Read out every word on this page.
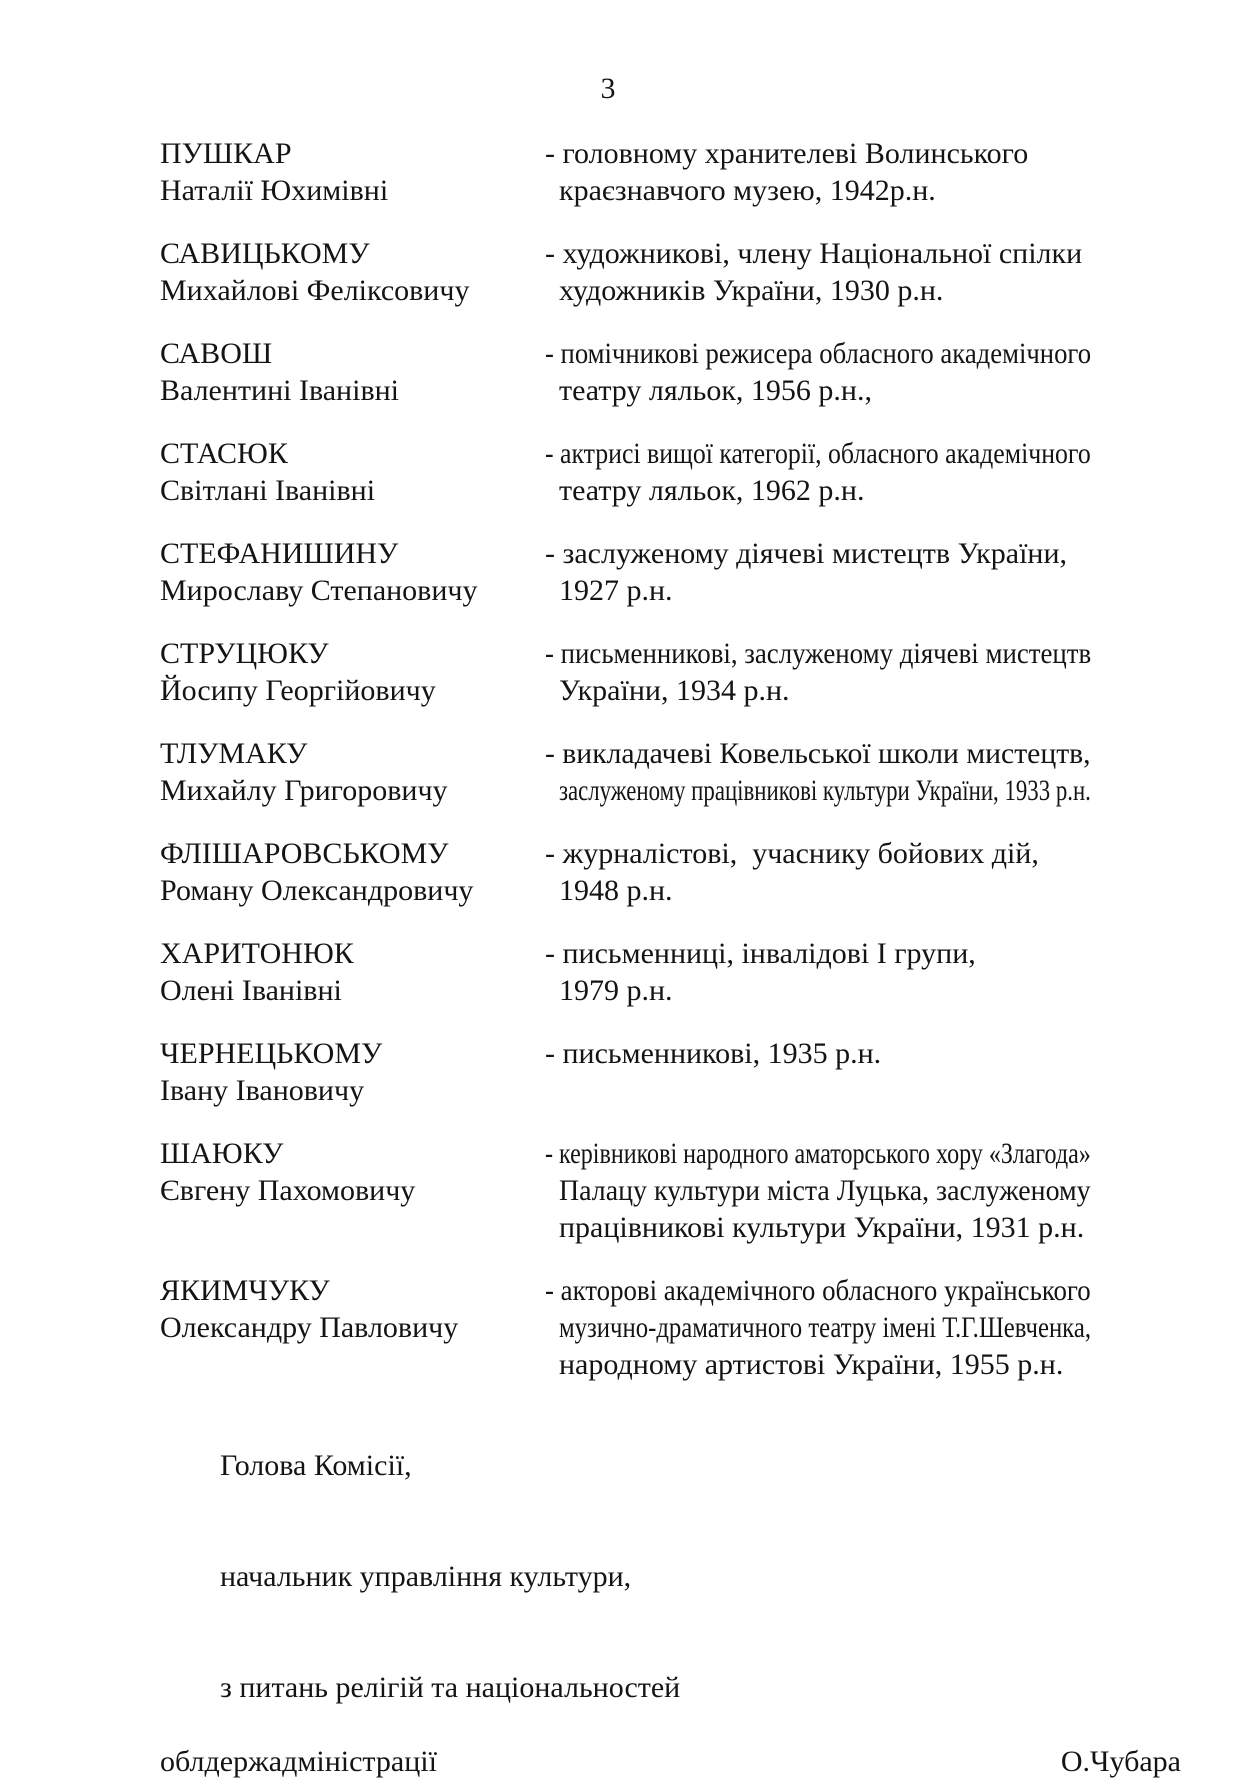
3
ПУШКАР
Наталії Юхимівні
- головному хранителеві Волинського
краєзнавчого музею, 1942р.н.
САВИЦЬКОМУ
Михайлові Феліксовичу
- художникові, члену Національної спілки
художників України, 1930 р.н.
САВОШ
Валентині Іванівні
- помічникові режисера обласного академічного
театру ляльок, 1956 р.н.,
СТАСЮК
Світлані Іванівні
- актрисі вищої категорії, обласного академічного
театру ляльок, 1962 р.н.
СТЕФАНИШИНУ
Мирославу Степановичу
- заслуженому діячеві мистецтв України,
1927 р.н.
СТРУЦЮКУ
Йосипу Георгійовичу
- письменникові, заслуженому діячеві мистецтв
України, 1934 р.н.
ТЛУМАКУ
Михайлу Григоровичу
- викладачеві Ковельської школи мистецтв,
заслуженому працівникові культури України, 1933 р.н.
ФЛІШАРОВСЬКОМУ
Роману Олександровичу
- журналістові,  учаснику бойових дій,
1948 р.н.
ХАРИТОНЮК
Олені Іванівні
- письменниці, інвалідові І групи,
1979 р.н.
ЧЕРНЕЦЬКОМУ
Івану Івановичу
- письменникові, 1935 р.н.
ШАЮКУ
Євгену Пахомовичу
- керівникові народного аматорського хору «Злагода»
Палацу культури міста Луцька, заслуженому
працівникові культури України, 1931 р.н.
ЯКИМЧУКУ
Олександру Павловичу
- акторові академічного обласного українського
музично-драматичного театру імені Т.Г.Шевченка,
народному артистові України, 1955 р.н.

Голова Комісії,

начальник управління культури,

з питань релігій та національностей

облдержадміністрації	О.Чубара
